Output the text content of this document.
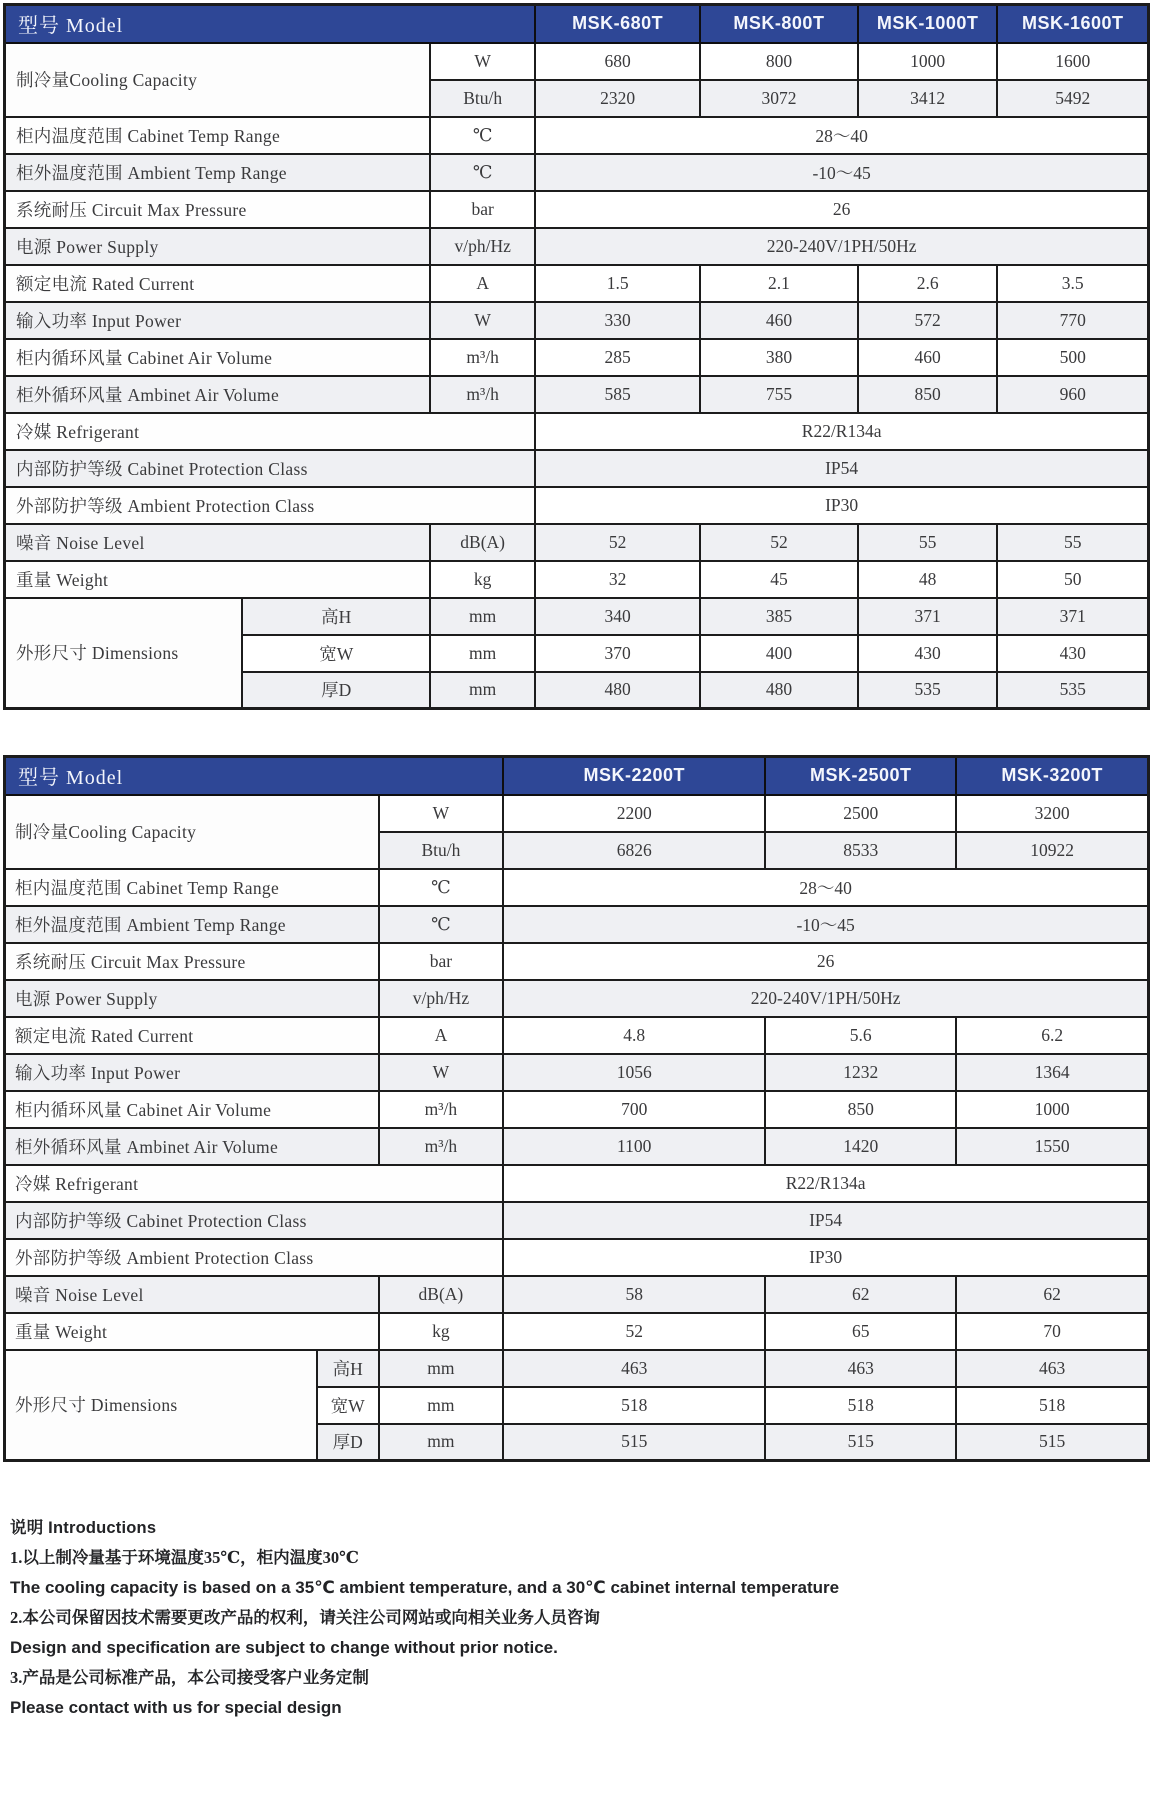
型号 Model			MSK-680T	MSK-800T	MSK-1000T	MSK-1600T
制冷量Cooling Capacity		W	680	800	1000	1600
		Btu/h	2320	3072	3412	5492
柜内温度范围 Cabinet Temp Range		℃	28～40			
柜外温度范围 Ambient Temp Range		℃	-10～45			
系统耐压 Circuit Max Pressure		bar	26			
电源 Power Supply		v/ph/Hz	220-240V/1PH/50Hz			
额定电流 Rated Current		A	1.5	2.1	2.6	3.5
输入功率 Input Power		W	330	460	572	770
柜内循环风量 Cabinet Air Volume		m³/h	285	380	460	500
柜外循环风量 Ambinet Air Volume		m³/h	585	755	850	960
冷媒 Refrigerant			R22/R134a			
内部防护等级 Cabinet Protection Class			IP54			
外部防护等级 Ambient Protection Class			IP30			
噪音 Noise Level		dB(A)	52	52	55	55
重量 Weight		kg	32	45	48	50
外形尺寸 Dimensions	高H	mm	340	385	371	371
	宽W	mm	370	400	430	430
	厚D	mm	480	480	535	535
型号 Model			MSK-2200T	MSK-2500T	MSK-3200T
制冷量Cooling Capacity		W	2200	2500	3200
		Btu/h	6826	8533	10922
柜内温度范围 Cabinet Temp Range		℃	28～40		
柜外温度范围 Ambient Temp Range		℃	-10～45		
系统耐压 Circuit Max Pressure		bar	26		
电源 Power Supply		v/ph/Hz	220-240V/1PH/50Hz		
额定电流 Rated Current		A	4.8	5.6	6.2
输入功率 Input Power		W	1056	1232	1364
柜内循环风量 Cabinet Air Volume		m³/h	700	850	1000
柜外循环风量 Ambinet Air Volume		m³/h	1100	1420	1550
冷媒 Refrigerant			R22/R134a		
内部防护等级 Cabinet Protection Class			IP54		
外部防护等级 Ambient Protection Class			IP30		
噪音 Noise Level		dB(A)	58	62	62
重量 Weight		kg	52	65	70
外形尺寸 Dimensions	高H	mm	463	463	463
	宽W	mm	518	518	518
	厚D	mm	515	515	515
说明 Introductions
1.以上制冷量基于环境温度35℃，柜内温度30℃
The cooling capacity is based on a 35℃ ambient temperature, and a 30℃ cabinet internal temperature
2.本公司保留因技术需要更改产品的权利，请关注公司网站或向相关业务人员咨询
Design and specification are subject to change without prior notice.
3.产品是公司标准产品，本公司接受客户业务定制
Please contact with us for special design
